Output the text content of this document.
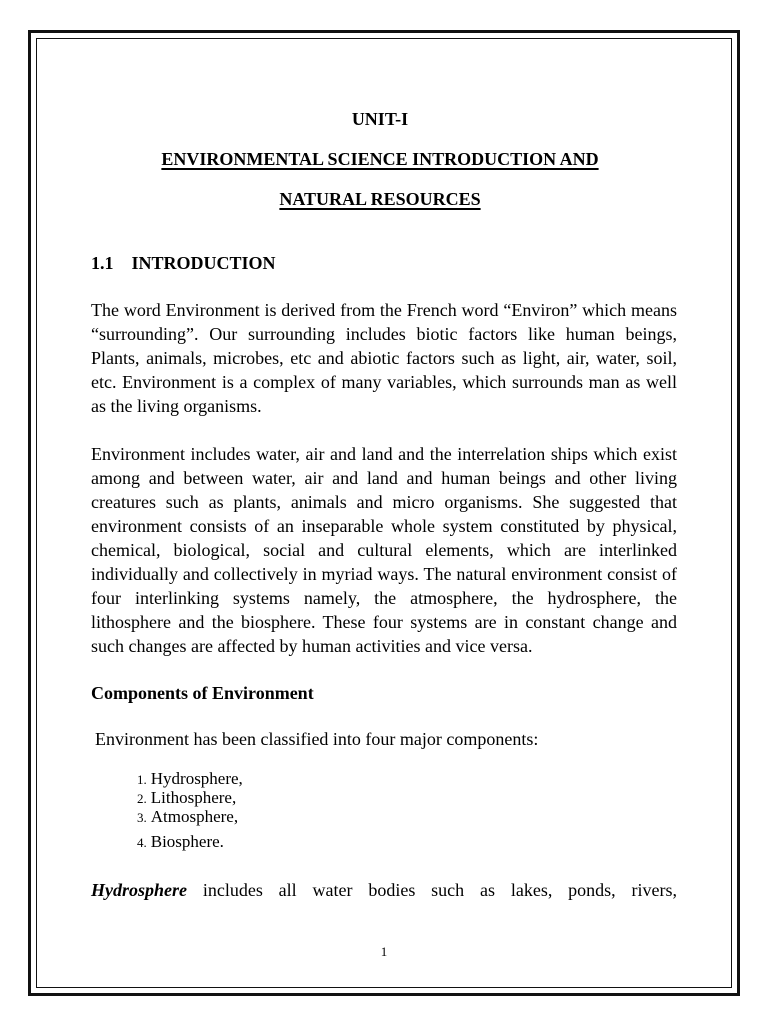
UNIT-I
ENVIRONMENTAL SCIENCE INTRODUCTION AND
NATURAL RESOURCES
1.1    INTRODUCTION

The word Environment is derived from the French word “Environ” which means “surrounding”. Our surrounding includes biotic factors like human beings, Plants, animals, microbes, etc and abiotic factors such as light, air, water, soil, etc. Environment is a complex of many variables, which surrounds man as well as the living organisms.

Environment includes water, air and land and the interrelation ships which exist among and between water, air and land and human beings and other living creatures such as plants, animals and micro organisms. She suggested that environment consists of an inseparable whole system constituted by physical, chemical, biological, social and cultural elements, which are interlinked individually and collectively in myriad ways. The natural environment consist of four interlinking systems namely, the atmosphere, the hydrosphere, the lithosphere and the biosphere. These four systems are in constant change and such changes are affected by human activities and vice versa.

Components of Environment
Environment has been classified into four major components:
1. Hydrosphere,
2. Lithosphere,
3. Atmosphere,
4. Biosphere.

Hydrosphere includes all water bodies such as lakes, ponds, rivers,

1
